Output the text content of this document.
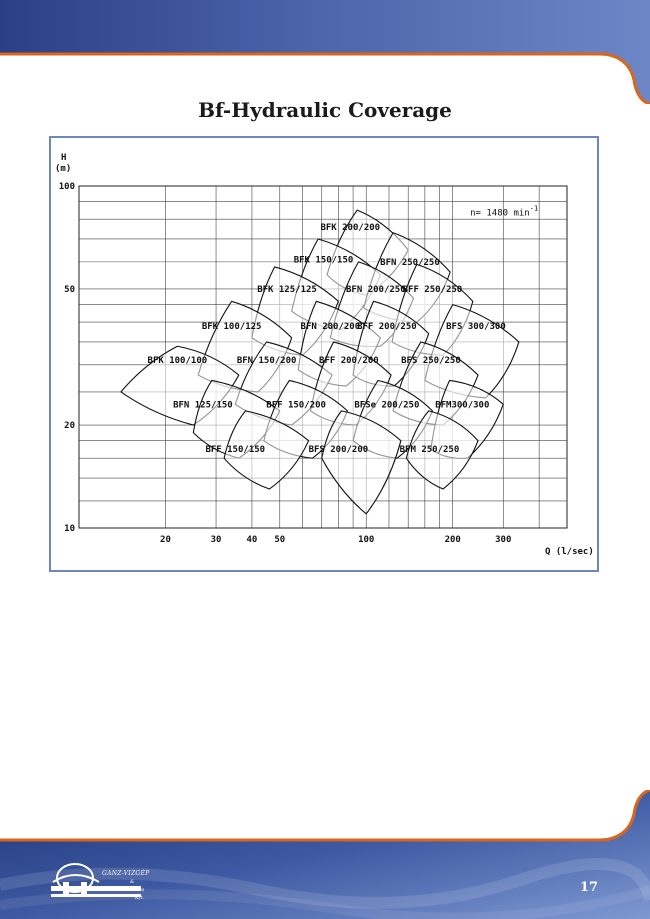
Bf-Hydraulic Coverage
20	30	40 50	100	200	300
10
20
50
100
BFK 200/200
BFK 150/150	BFN 250/250
BFK 125/125	BFN 200/250
BFF 250/250
BFK 100/125	BFN 200/200
BFF 200/250	BFS 300/300
BFK 100/100	BFN 150/200	BFF 200/200 BFS 250/250
BFN 125/150	BFF 150/200	BFSe 200/250 BFM300/300
BFF 150/150	BFS 200/200	BFM 250/250
H
(m)
Q (l/sec)
n= 1480 $\min^{-1}$
GANZ-VIZGÉP
&
Armatúra
Kft.
17
